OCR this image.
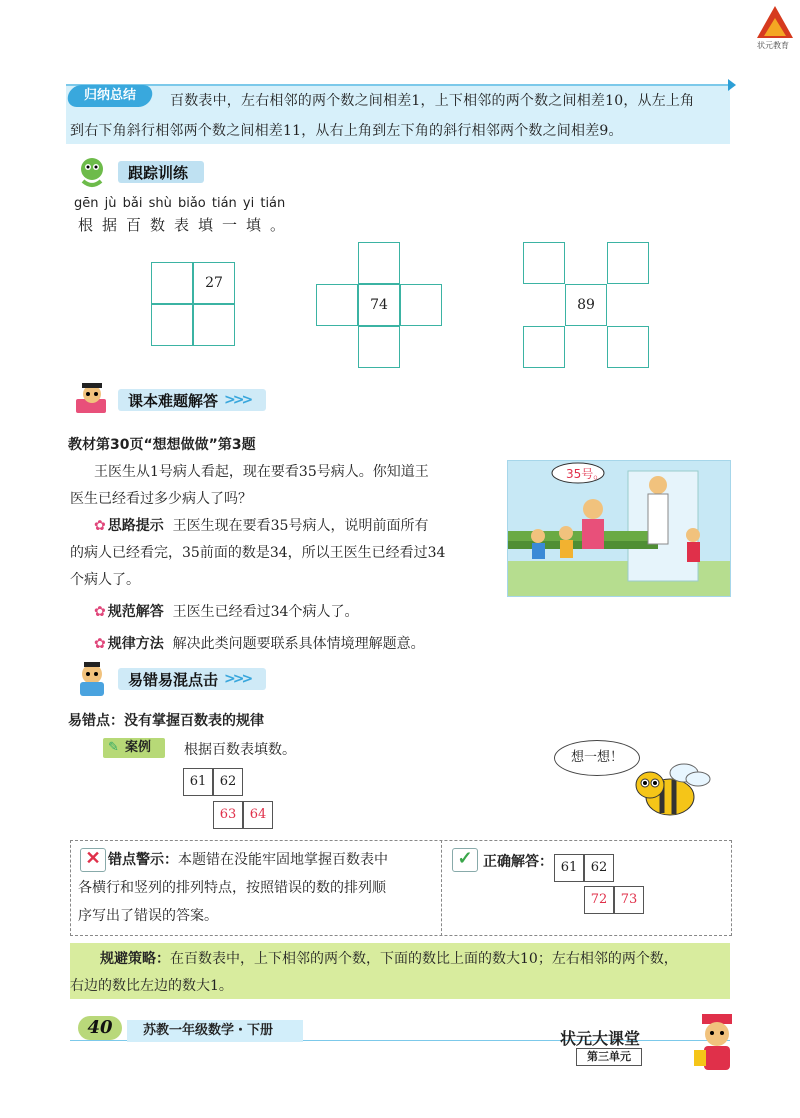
状元教育
归纳总结	百数表中，左右相邻的两个数之间相差1，上下相邻的两个数之间相差10，从左上角
到右下角斜行相邻两个数之间相差11，从右上角到左下角的斜行相邻两个数之间相差9。
跟踪训练
gēn jù bǎi shù biǎo tián yi tián
根据百数表填一填。
27
74	89
课本难题解答 >>>
教材第30页“想想做做”第3题
王医生从1号病人看起，现在要看35号病人。你知道王
医生已经看过多少病人了吗？
✿ 思路提示 王医生现在要看35号病人，说明前面所有
的病人已经看完，35前面的数是34，所以王医生已经看过34
个病人了。
✿ 规范解答 王医生已经看过34个病人了。
✿ 规律方法 解决此类问题要联系具体情境理解题意。
35号。
易错易混点击 >>>
易错点：没有掌握百数表的规律
✎ 案例	根据百数表填数。
61	62
63	64
想一想！
✕ 错点警示：本题错在没能牢固地掌握百数表中
各横行和竖列的排列特点，按照错误的数的排列顺
序写出了错误的答案。
✓ 正确解答： 61	62
72	73
规避策略：在百数表中，上下相邻的两个数，下面的数比上面的数大10；左右相邻的两个数，
右边的数比左边的数大1。
40	苏教一年级数学・下册	状元大课堂
第三单元
